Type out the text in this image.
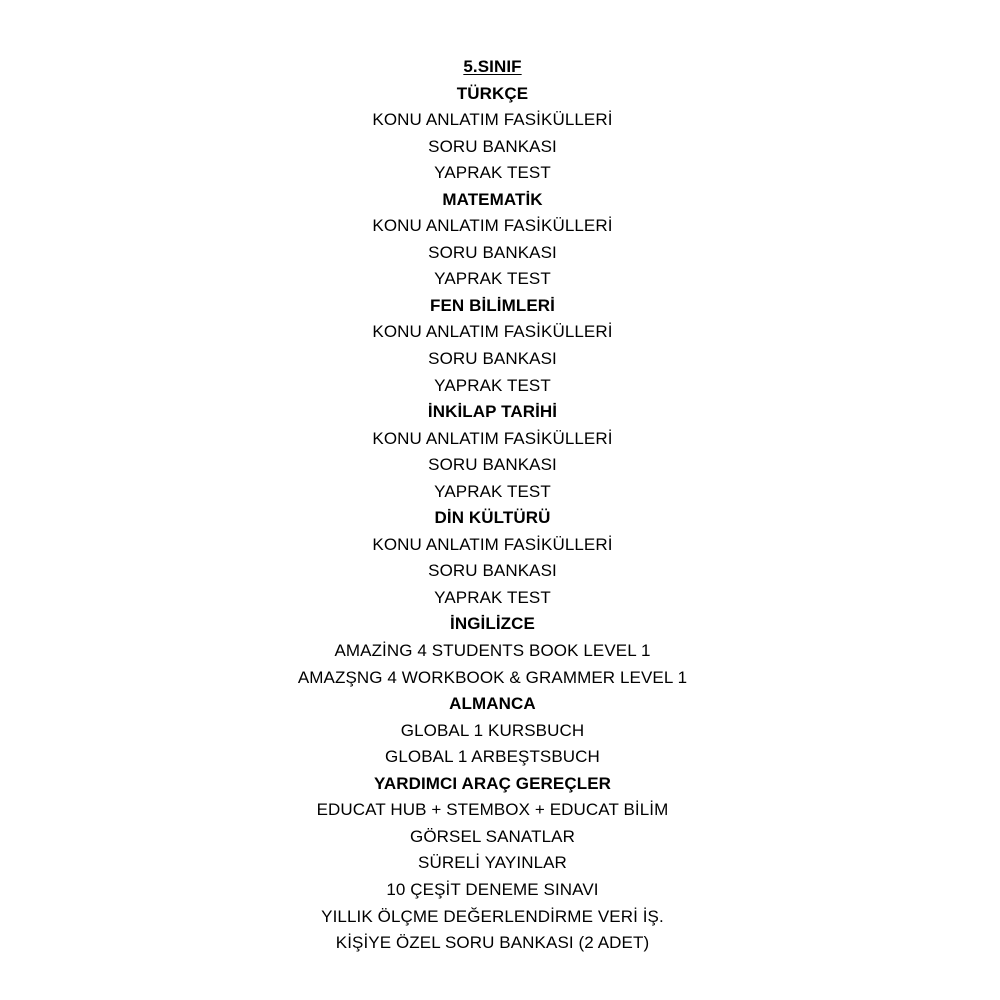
5.SINIF
TÜRKÇE
KONU ANLATIM FASİKÜLLERİ
SORU BANKASI
YAPRAK TEST
MATEMATİK
KONU ANLATIM FASİKÜLLERİ
SORU BANKASI
YAPRAK TEST
FEN BİLİMLERİ
KONU ANLATIM FASİKÜLLERİ
SORU BANKASI
YAPRAK TEST
İNKİLAP TARİHİ
KONU ANLATIM FASİKÜLLERİ
SORU BANKASI
YAPRAK TEST
DİN KÜLTÜRÜ
KONU ANLATIM FASİKÜLLERİ
SORU BANKASI
YAPRAK TEST
İNGİLİZCE
AMAZİNG 4 STUDENTS BOOK LEVEL 1
AMAZŞNG 4 WORKBOOK & GRAMMER LEVEL 1
ALMANCA
GLOBAL 1 KURSBUCH
GLOBAL 1 ARBEŞTSBUCH
YARDIMCI ARAÇ GEREÇLER
EDUCAT HUB + STEMBOX + EDUCAT BİLİM
GÖRSEL SANATLAR
SÜRELİ YAYINLAR
10 ÇEŞİT DENEME SINAVI
YILLIK ÖLÇME DEĞERLENDİRME VERİ İŞ.
KİŞİYE ÖZEL SORU BANKASI (2 ADET)
